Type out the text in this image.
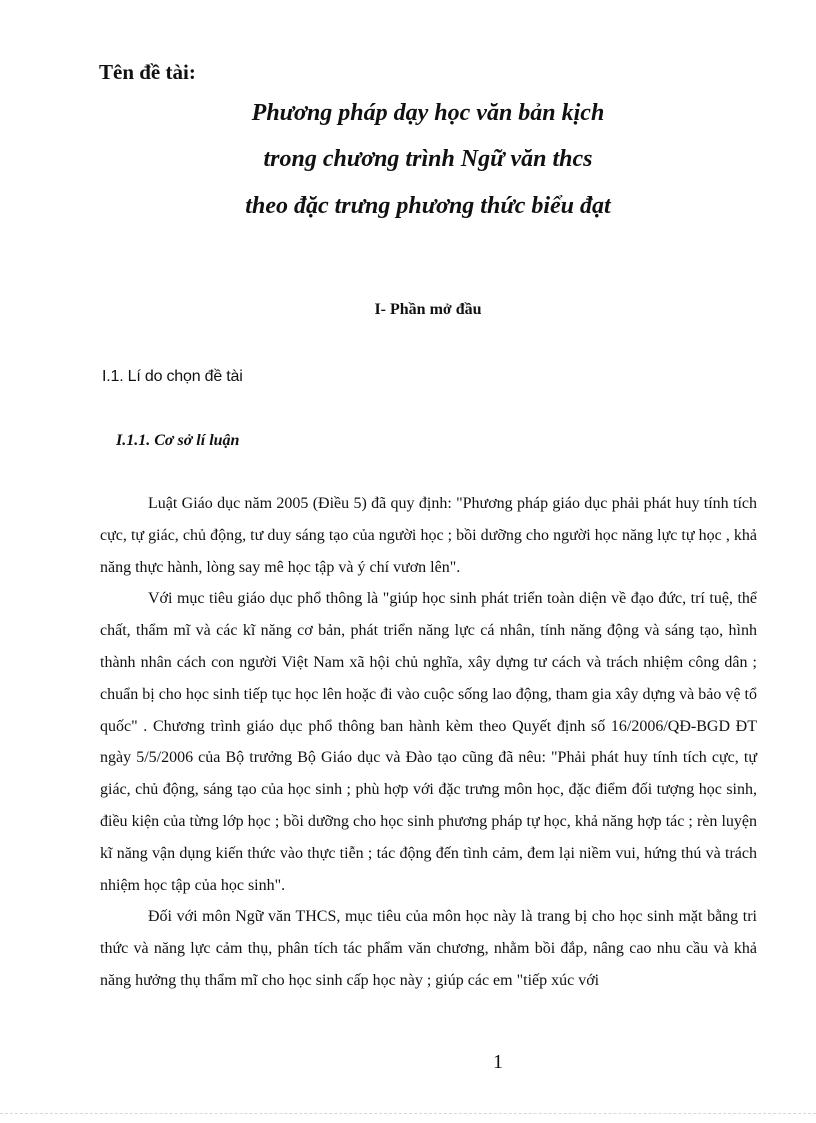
Tên đề tài:
Phương pháp dạy học văn bản kịch
trong chương trình Ngữ văn thcs
theo đặc trưng phương thức biểu đạt
I- Phần mở đầu
I.1. Lí do chọn đề tài
I.1.1. Cơ sở lí luận

Luật Giáo dục năm 2005 (Điều 5) đã quy định: "Phương pháp giáo dục phải phát huy tính tích cực, tự giác, chủ động, tư duy sáng tạo của người học ; bồi dưỡng cho người học năng lực tự học , khả năng thực hành, lòng say mê học tập và ý chí vươn lên".

Với mục tiêu giáo dục phổ thông là "giúp học sinh phát triển toàn diện về đạo đức, trí tuệ, thể chất, thẩm mĩ và các kĩ năng cơ bản, phát triển năng lực cá nhân, tính năng động và sáng tạo, hình thành nhân cách con người Việt Nam xã hội chủ nghĩa, xây dựng tư cách và trách nhiệm công dân ; chuẩn bị cho học sinh tiếp tục học lên hoặc đi vào cuộc sống lao động, tham gia xây dựng và bảo vệ tổ quốc" . Chương trình giáo dục phổ thông ban hành kèm theo Quyết định số 16/2006/QĐ-BGD ĐT ngày 5/5/2006 của Bộ trưởng Bộ Giáo dục và Đào tạo cũng đã nêu: "Phải phát huy tính tích cực, tự giác, chủ động, sáng tạo của học sinh ; phù hợp với đặc trưng môn học, đặc điểm đối tượng học sinh, điều kiện của từng lớp học ; bồi dưỡng cho học sinh phương pháp tự học, khả năng hợp tác ; rèn luyện kĩ năng vận dụng kiến thức vào thực tiễn ; tác động đến tình cảm, đem lại niềm vui, hứng thú và trách nhiệm học tập của học sinh".

Đối với môn Ngữ văn THCS, mục tiêu của môn học này là trang bị cho học sinh mặt bằng tri thức và năng lực cảm thụ, phân tích tác phẩm văn chương, nhằm bồi đắp, nâng cao nhu cầu và khả năng hưởng thụ thẩm mĩ cho học sinh cấp học này ; giúp các em "tiếp xúc với

1
